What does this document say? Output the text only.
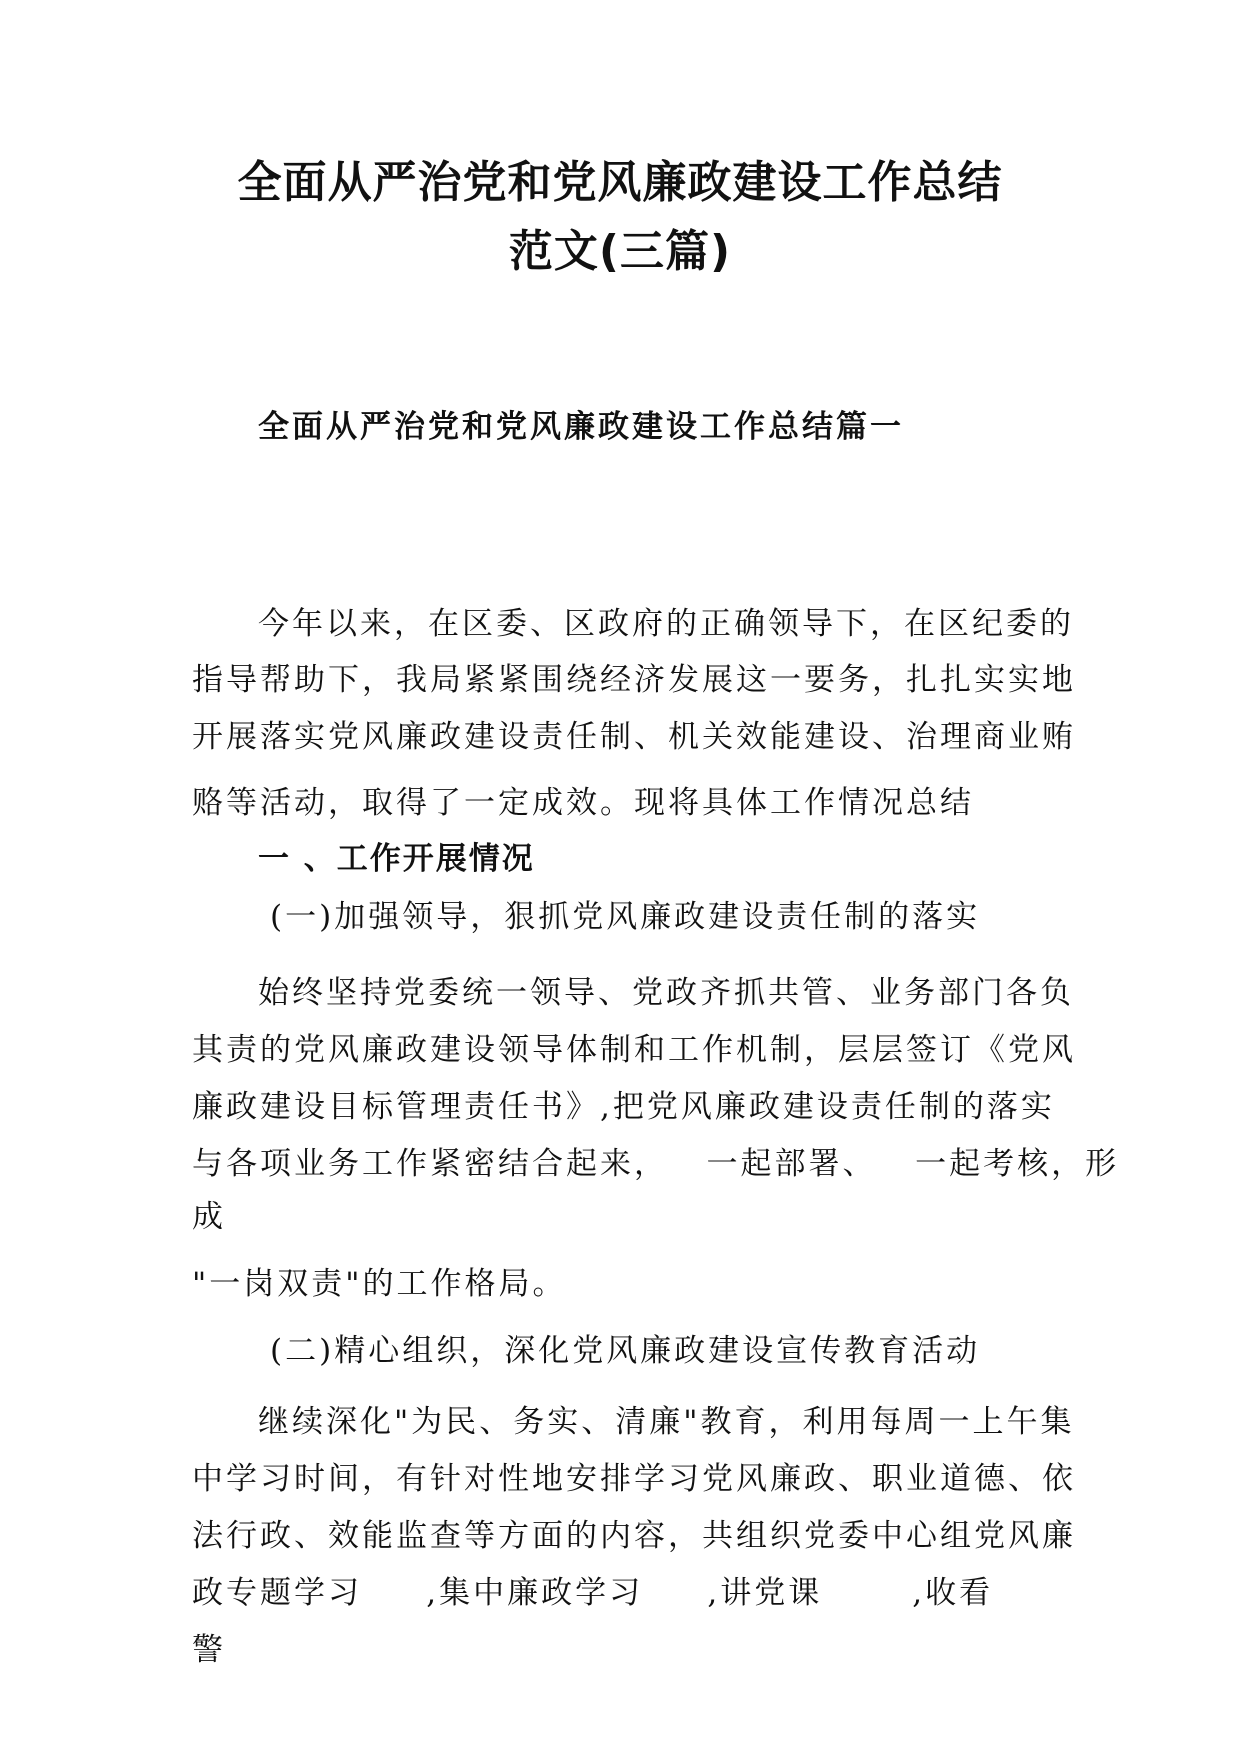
全面从严治党和党风廉政建设工作总结
范文(三篇)
全面从严治党和党风廉政建设工作总结篇一
今年以来，在区委、区政府的正确领导下，在区纪委的
指导帮助下，我局紧紧围绕经济发展这一要务，扎扎实实地
开展落实党风廉政建设责任制、机关效能建设、治理商业贿
赂等活动，取得了一定成效。现将具体工作情况总结
一 、工作开展情况
(一)加强领导，狠抓党风廉政建设责任制的落实
始终坚持党委统一领导、党政齐抓共管、业务部门各负
其责的党风廉政建设领导体制和工作机制，层层签订《党风
廉政建设目标管理责任书》,把党风廉政建设责任制的落实
与各项业务工作紧密结合起来，   一起部署、   一起考核，形
成
"一岗双责"的工作格局。
(二)精心组织，深化党风廉政建设宣传教育活动
继续深化"为民、务实、清廉"教育，利用每周一上午集
中学习时间，有针对性地安排学习党风廉政、职业道德、依
法行政、效能监查等方面的内容，共组织党委中心组党风廉
政专题学习     ,集中廉政学习     ,讲党课       ,收看
警
